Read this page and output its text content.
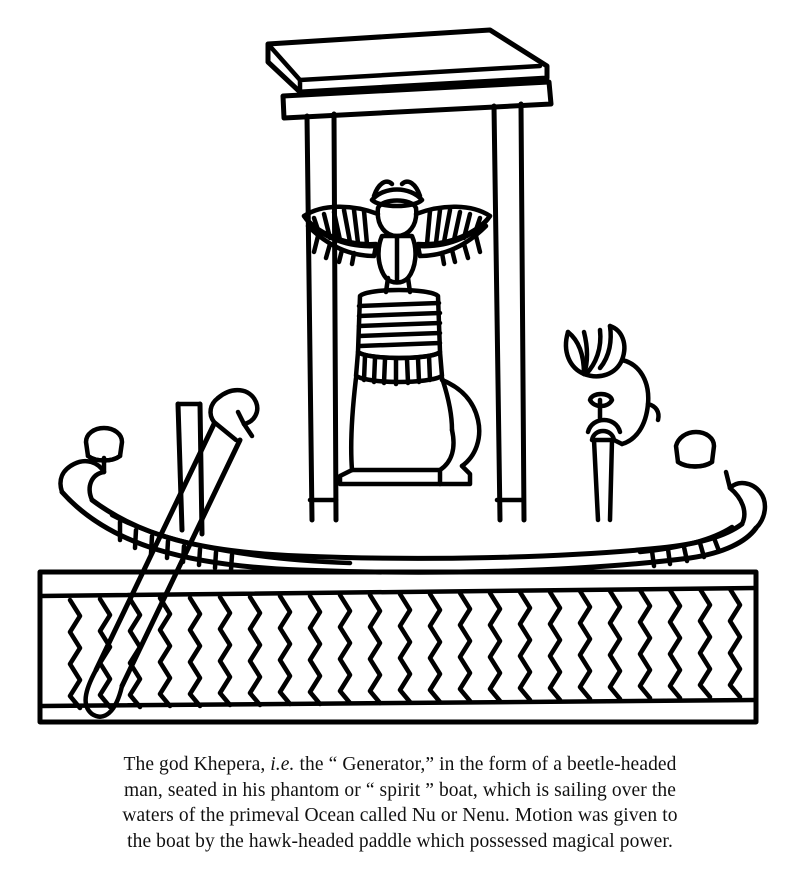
The god Khepera, i.e. the “ Generator,” in the form of a beetle-headed
man, seated in his phantom or “ spirit ” boat, which is sailing over the
waters of the primeval Ocean called Nu or Nenu. Motion was given to
the boat by the hawk-headed paddle which possessed magical power.
